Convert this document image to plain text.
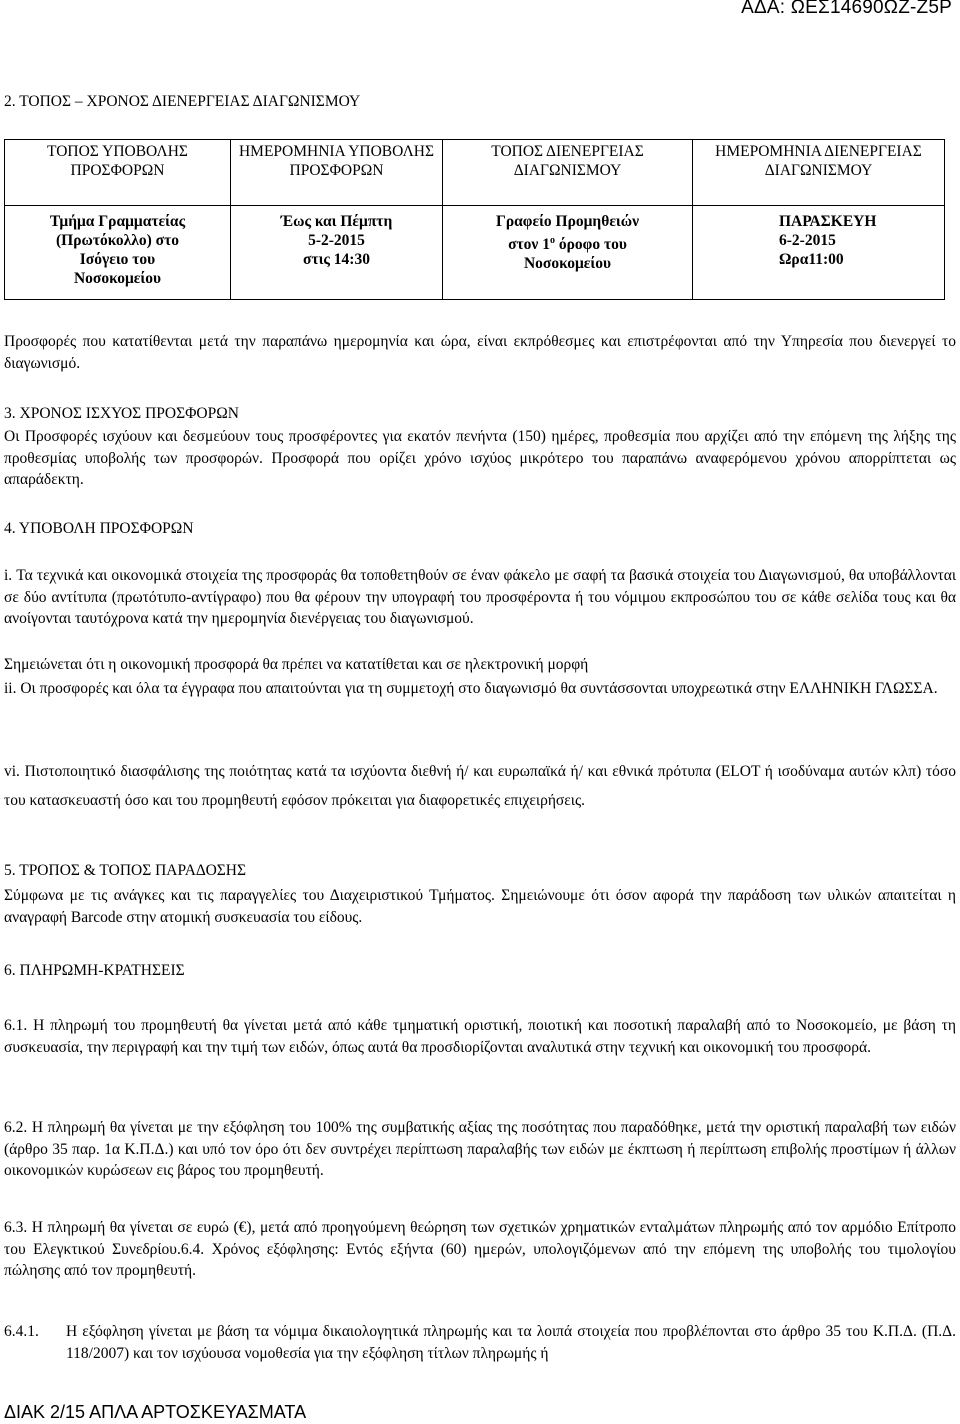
ΑΔΑ: ΩΕΣ14690ΩΖ-Ζ5Ρ
2. ΤΟΠΟΣ – ΧΡΟΝΟΣ ΔΙΕΝΕΡΓΕΙΑΣ ΔΙΑΓΩΝΙΣΜΟΥ
ΤΟΠΟΣ ΥΠΟΒΟΛΗΣ ΠΡΟΣΦΟΡΩΝ	ΗΜΕΡΟΜΗΝΙΑ ΥΠΟΒΟΛΗΣ ΠΡΟΣΦΟΡΩΝ	ΤΟΠΟΣ ΔΙΕΝΕΡΓΕΙΑΣ ΔΙΑΓΩΝΙΣΜΟΥ	ΗΜΕΡΟΜΗΝΙΑ ΔΙΕΝΕΡΓΕΙΑΣ ΔΙΑΓΩΝΙΣΜΟΥ

Τμήμα Γραμματείας
(Πρωτόκολλο) στο
Ισόγειο του
Νοσοκομείου	Έως και Πέμπτη
5-2-2015
στις 14:30	Γραφείο Προμηθειών
στον $1^o$ όροφο του
Νοσοκομείου	ΠΑΡΑΣΚΕΥΗ
6-2-2015
Ωρα11:00
Προσφορές που κατατίθενται μετά την παραπάνω ημερομηνία και ώρα, είναι εκπρόθεσμες και επιστρέφονται από την Υπηρεσία που διενεργεί το διαγωνισμό.
3. ΧΡΟΝΟΣ ΙΣΧΥΟΣ ΠΡΟΣΦΟΡΩΝ
Οι Προσφορές ισχύουν και δεσμεύουν τους προσφέροντες για εκατόν πενήντα (150) ημέρες, προθεσμία που αρχίζει από την επόμενη της λήξης της προθεσμίας υποβολής των προσφορών. Προσφορά που ορίζει χρόνο ισχύος μικρότερο του παραπάνω αναφερόμενου χρόνου απορρίπτεται ως απαράδεκτη.
4. ΥΠΟΒΟΛΗ ΠΡΟΣΦΟΡΩΝ
i. Τα τεχνικά και οικονομικά στοιχεία της προσφοράς θα τοποθετηθούν σε έναν φάκελο με σαφή τα βασικά στοιχεία του Διαγωνισμού, θα υποβάλλονται σε δύο αντίτυπα (πρωτότυπο-αντίγραφο) που θα φέρουν την υπογραφή του προσφέροντα ή του νόμιμου εκπροσώπου του σε κάθε σελίδα τους και θα ανοίγονται ταυτόχρονα κατά την ημερομηνία διενέργειας του διαγωνισμού.
Σημειώνεται ότι η οικονομική προσφορά θα πρέπει να κατατίθεται και σε ηλεκτρονική μορφή
ii. Οι προσφορές και όλα τα έγγραφα που απαιτούνται για τη συμμετοχή στο διαγωνισμό θα συντάσσονται υποχρεωτικά στην ΕΛΛΗΝΙΚΗ ΓΛΩΣΣΑ.
vi. Πιστοποιητικό διασφάλισης της ποιότητας κατά τα ισχύοντα διεθνή ή/ και ευρωπαϊκά ή/ και εθνικά πρότυπα (ELOT ή ισοδύναμα αυτών κλπ) τόσο του κατασκευαστή όσο και του προμηθευτή εφόσον πρόκειται για διαφορετικές επιχειρήσεις.
5. ΤΡΟΠΟΣ & ΤΟΠΟΣ ΠΑΡΑΔΟΣΗΣ
Σύμφωνα με τις ανάγκες και τις παραγγελίες του Διαχειριστικού Τμήματος. Σημειώνουμε ότι όσον αφορά την παράδοση των υλικών απαιτείται η αναγραφή Barcode στην ατομική συσκευασία του είδους.
6. ΠΛΗΡΩΜΗ-ΚΡΑΤΗΣΕΙΣ
6.1. Η πληρωμή του προμηθευτή θα γίνεται μετά από κάθε τμηματική οριστική, ποιοτική και ποσοτική παραλαβή από το Νοσοκομείο, με βάση τη συσκευασία, την περιγραφή και την τιμή των ειδών, όπως αυτά θα προσδιορίζονται αναλυτικά στην τεχνική και οικονομική του προσφορά.
6.2. Η πληρωμή θα γίνεται με την εξόφληση του 100% της συμβατικής αξίας της ποσότητας που παραδόθηκε, μετά την οριστική παραλαβή των ειδών (άρθρο 35 παρ. 1α Κ.Π.Δ.) και υπό τον όρο ότι δεν συντρέχει περίπτωση παραλαβής των ειδών με έκπτωση ή περίπτωση επιβολής προστίμων ή άλλων οικονομικών κυρώσεων εις βάρος του προμηθευτή.
6.3. Η πληρωμή θα γίνεται σε ευρώ (€), μετά από προηγούμενη θεώρηση των σχετικών χρηματικών ενταλμάτων πληρωμής από τον αρμόδιο Επίτροπο του Ελεγκτικού Συνεδρίου.6.4. Χρόνος εξόφλησης: Εντός εξήντα (60) ημερών, υπολογιζόμενων από την επόμενη της υποβολής του τιμολογίου πώλησης από τον προμηθευτή.
6.4.1. Η εξόφληση γίνεται με βάση τα νόμιμα δικαιολογητικά πληρωμής και τα λοιπά στοιχεία που προβλέπονται στο άρθρο 35 του Κ.Π.Δ. (Π.Δ. 118/2007) και τον ισχύουσα νομοθεσία για την εξόφληση τίτλων πληρωμής ή
ΔΙΑΚ 2/15 ΑΠΛΑ ΑΡΤΟΣΚΕΥΑΣΜΑΤΑ
